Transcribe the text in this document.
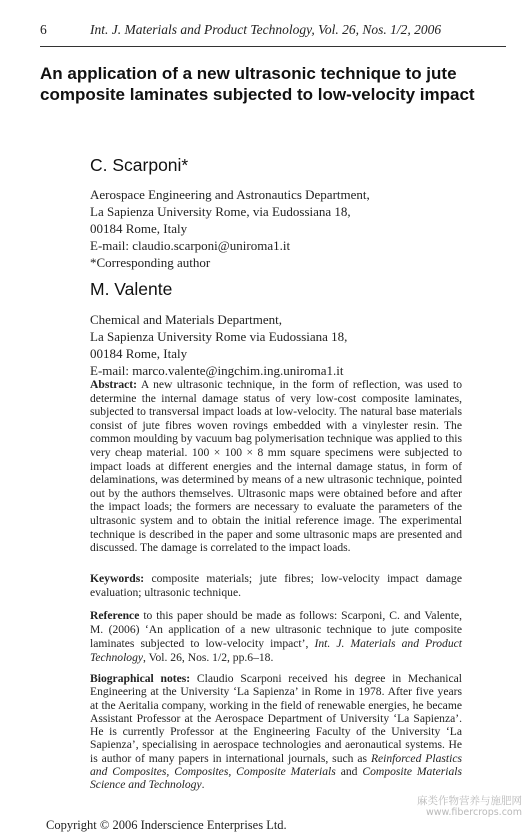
6	Int. J. Materials and Product Technology, Vol. 26, Nos. 1/2, 2006
An application of a new ultrasonic technique to jute composite laminates subjected to low-velocity impact
C. Scarponi*
Aerospace Engineering and Astronautics Department,
La Sapienza University Rome, via Eudossiana 18,
00184 Rome, Italy
E-mail: claudio.scarponi@uniroma1.it
*Corresponding author
M. Valente
Chemical and Materials Department,
La Sapienza University Rome via Eudossiana 18,
00184 Rome, Italy
E-mail: marco.valente@ingchim.ing.uniroma1.it
Abstract: A new ultrasonic technique, in the form of reflection, was used to determine the internal damage status of very low-cost composite laminates, subjected to transversal impact loads at low-velocity. The natural base materials consist of jute fibres woven rovings embedded with a vinylester resin. The common moulding by vacuum bag polymerisation technique was applied to this very cheap material. 100 × 100 × 8 mm square specimens were subjected to impact loads at different energies and the internal damage status, in form of delaminations, was determined by means of a new ultrasonic technique, pointed out by the authors themselves. Ultrasonic maps were obtained before and after the impact loads; the formers are necessary to evaluate the parameters of the ultrasonic system and to obtain the initial reference image. The experimental technique is described in the paper and some ultrasonic maps are presented and discussed. The damage is correlated to the impact loads.
Keywords: composite materials; jute fibres; low-velocity impact damage evaluation; ultrasonic technique.
Reference to this paper should be made as follows: Scarponi, C. and Valente, M. (2006) ‘An application of a new ultrasonic technique to jute composite laminates subjected to low-velocity impact’, Int. J. Materials and Product Technology, Vol. 26, Nos. 1/2, pp.6–18.
Biographical notes: Claudio Scarponi received his degree in Mechanical Engineering at the University ‘La Sapienza’ in Rome in 1978. After five years at the Aeritalia company, working in the field of renewable energies, he became Assistant Professor at the Aerospace Department of University ‘La Sapienza’. He is currently Professor at the Engineering Faculty of the University ‘La Sapienza’, specialising in aerospace technologies and aeronautical systems. He is author of many papers in international journals, such as Reinforced Plastics and Composites, Composites, Composite Materials and Composite Materials Science and Technology.
Copyright © 2006 Inderscience Enterprises Ltd.
麻类作物营养与施肥网
www.fibercrops.com
